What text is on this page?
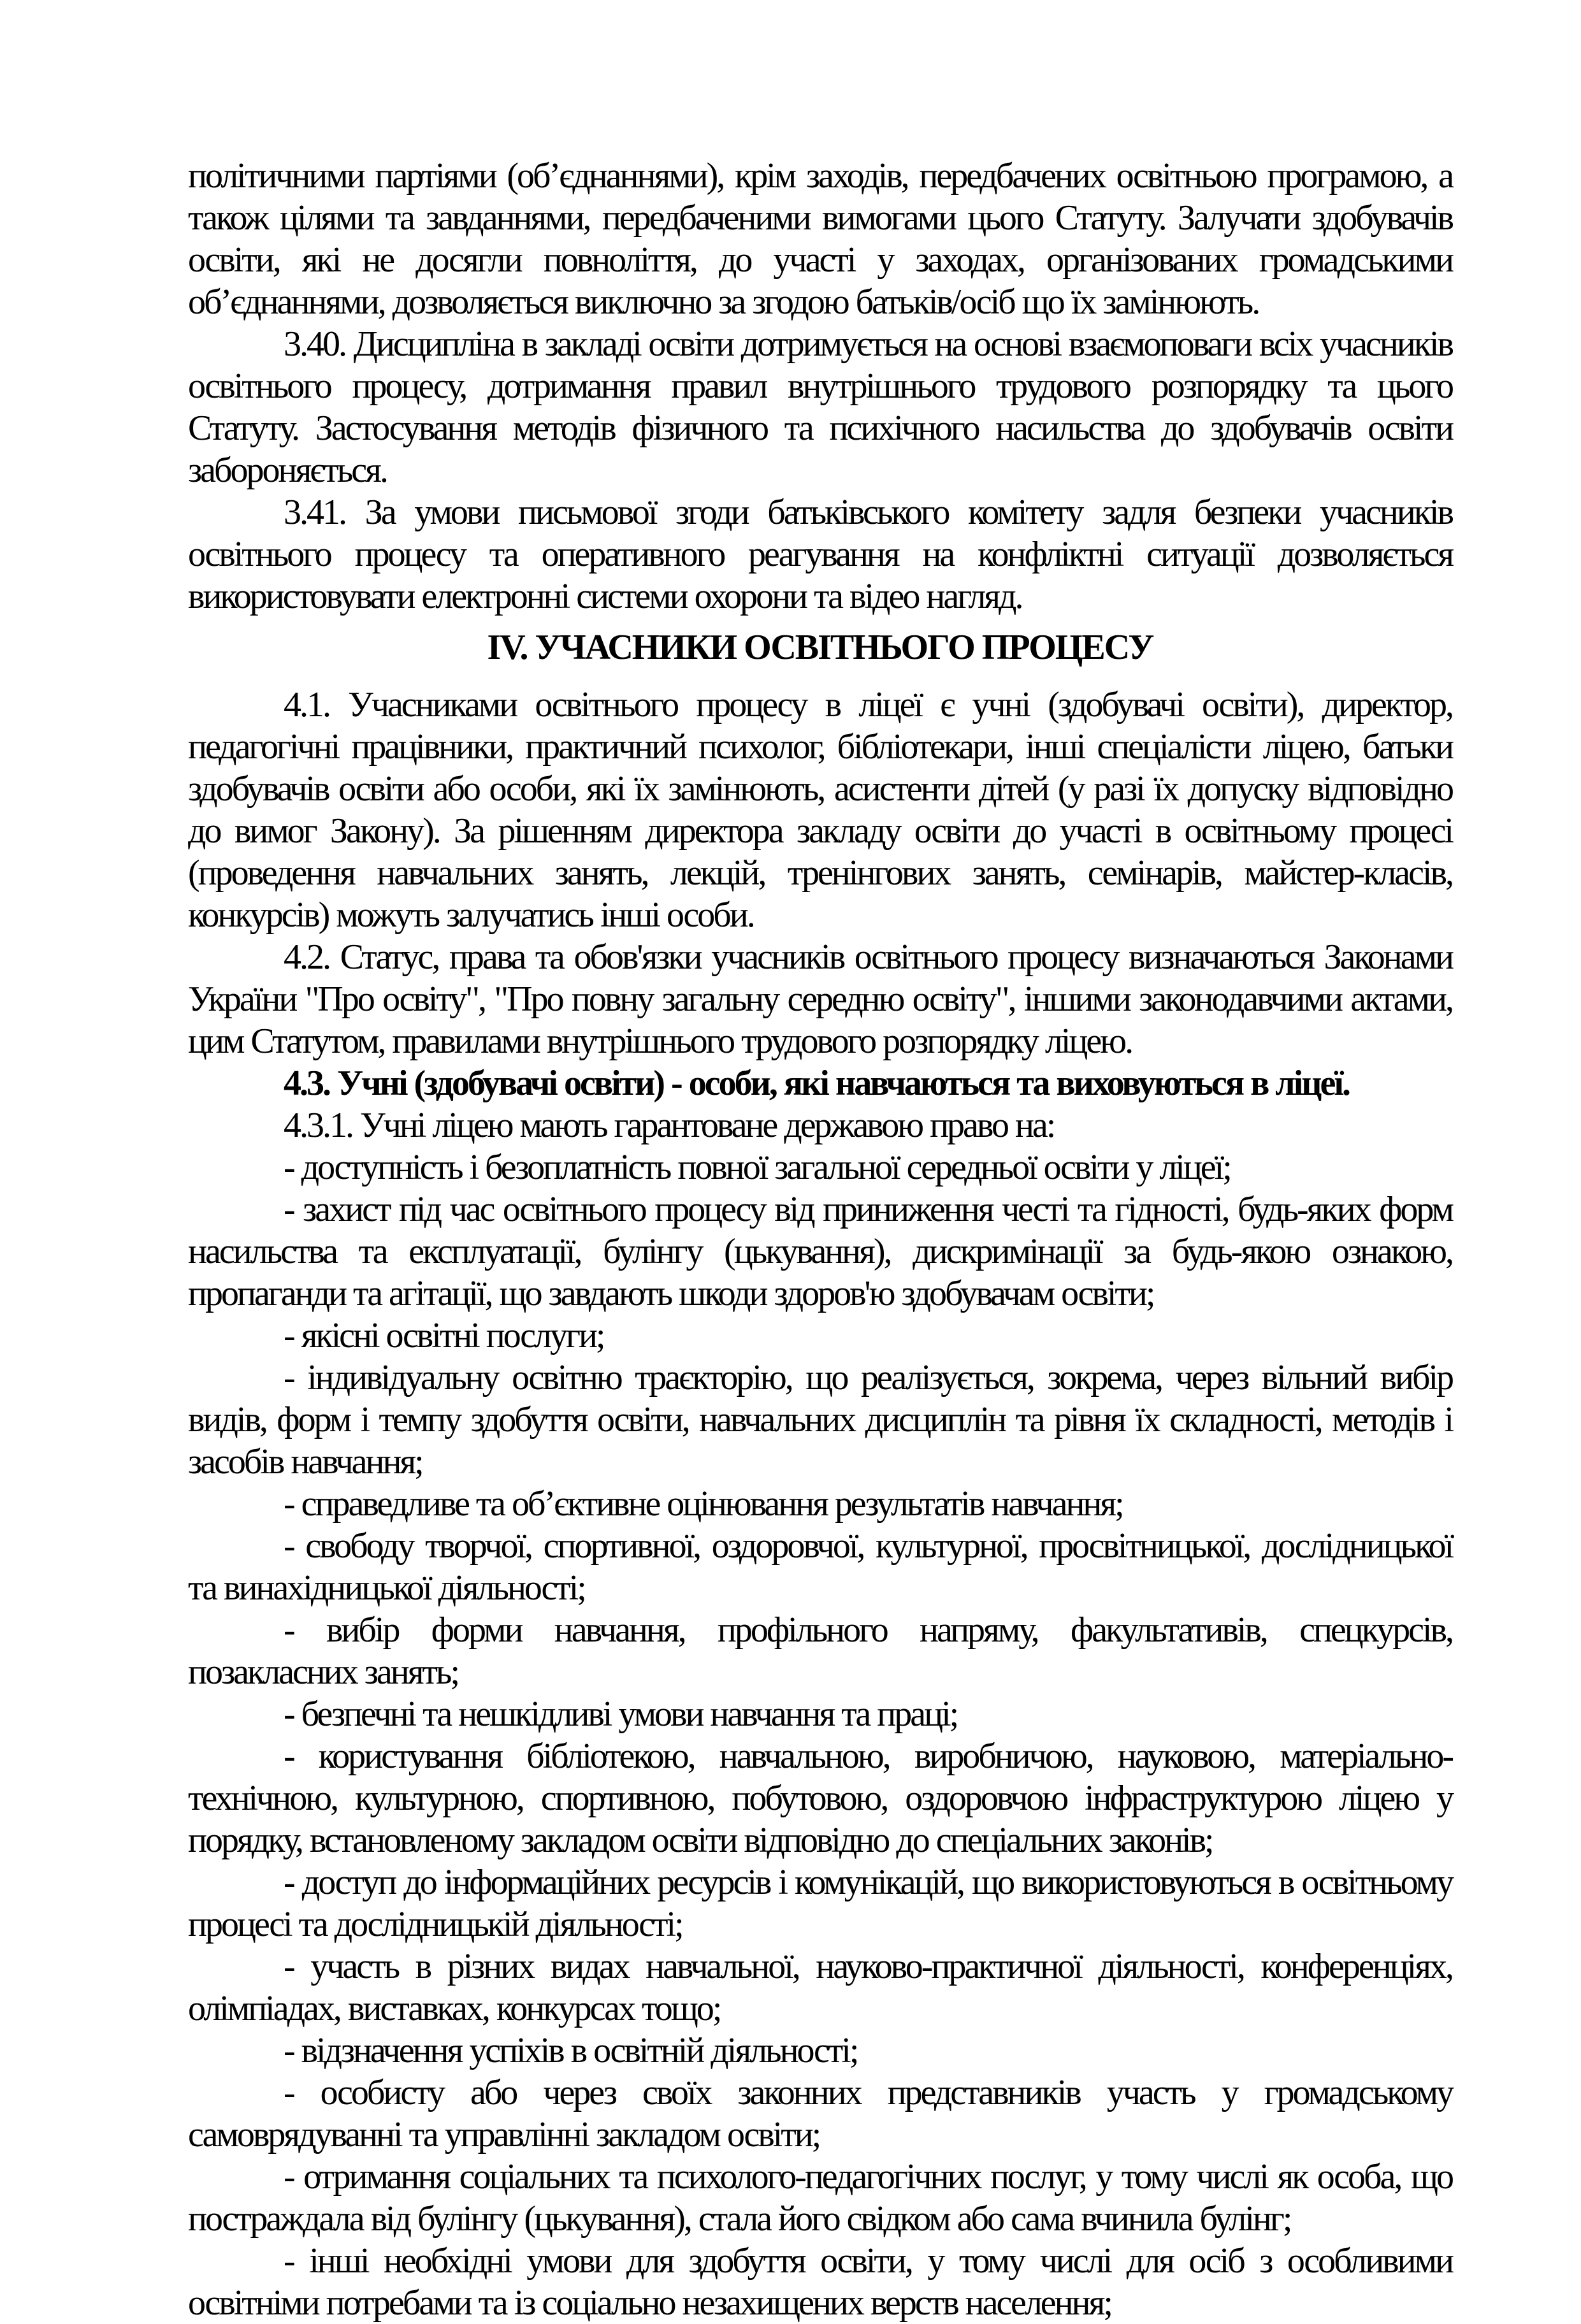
політичними партіями (об’єднаннями), крім заходів, передбачених освітньою програмою, а також цілями та завданнями, передбаченими вимогами цього Статуту. Залучати здобувачів освіти, які не досягли повноліття, до участі у заходах, організованих громадськими об’єднаннями, дозволяється виключно за згодою батьків/осіб що їх замінюють.

3.40. Дисципліна в закладі освіти дотримується на основі взаємоповаги всіх учасників освітнього процесу, дотримання правил внутрішнього трудового розпорядку та цього Статуту. Застосування методів фізичного та психічного насильства до здобувачів освіти забороняється.

3.41. За умови письмової згоди батьківського комітету задля безпеки учасників освітнього процесу та оперативного реагування на конфліктні ситуації дозволяється використовувати електронні системи охорони та відео нагляд.

IV. УЧАСНИКИ ОСВІТНЬОГО ПРОЦЕСУ

4.1. Учасниками освітнього процесу в ліцеї є учні (здобувачі освіти), директор, педагогічні працівники, практичний психолог, бібліотекари, інші спеціалісти ліцею, батьки здобувачів освіти або особи, які їх замінюють, асистенти дітей (у разі їх допуску відповідно до вимог Закону). За рішенням директора закладу освіти до участі в освітньому процесі (проведення навчальних занять, лекцій, тренінгових занять, семінарів, майстер-класів, конкурсів) можуть залучатись інші особи.

4.2. Статус, права та обов'язки учасників освітнього процесу визначаються Законами України "Про освіту", "Про повну загальну середню освіту", іншими законодавчими актами, цим Статутом, правилами внутрішнього трудового розпорядку ліцею.

4.3. Учні (здобувачі освіти) - особи, які навчаються та виховуються в ліцеї.

4.3.1. Учні ліцею мають гарантоване державою право на:

- доступність і безоплатність повної загальної середньої освіти у ліцеї;

- захист під час освітнього процесу від приниження честі та гідності, будь-яких форм насильства та експлуатації, булінгу (цькування), дискримінації за будь-якою ознакою, пропаганди та агітації, що завдають шкоди здоров'ю здобувачам освіти;

- якісні освітні послуги;

- індивідуальну освітню траєкторію, що реалізується, зокрема, через вільний вибір видів, форм і темпу здобуття освіти, навчальних дисциплін та рівня їх складності, методів і засобів навчання;

- справедливе та об’єктивне оцінювання результатів навчання;

- свободу творчої, спортивної, оздоровчої, культурної, просвітницької, дослідницької та винахідницької діяльності;

- вибір форми навчання, профільного напряму, факультативів, спецкурсів, позакласних занять;

- безпечні та нешкідливі умови навчання та праці;

- користування бібліотекою, навчальною, виробничою, науковою, матеріально-технічною, культурною, спортивною, побутовою, оздоровчою інфраструктурою ліцею у порядку, встановленому закладом освіти відповідно до спеціальних законів;

- доступ до інформаційних ресурсів і комунікацій, що використовуються в освітньому процесі та дослідницькій діяльності;

- участь в різних видах навчальної, науково-практичної діяльності, конференціях, олімпіадах, виставках, конкурсах тощо;

- відзначення успіхів в освітній діяльності;

- особисту або через своїх законних представників участь у громадському самоврядуванні та управлінні закладом освіти;

- отримання соціальних та психолого-педагогічних послуг, у тому числі як особа, що постраждала від булінгу (цькування), стала його свідком або сама вчинила булінг;

- інші необхідні умови для здобуття освіти, у тому числі для осіб з особливими освітніми потребами та із соціально незахищених верств населення;
